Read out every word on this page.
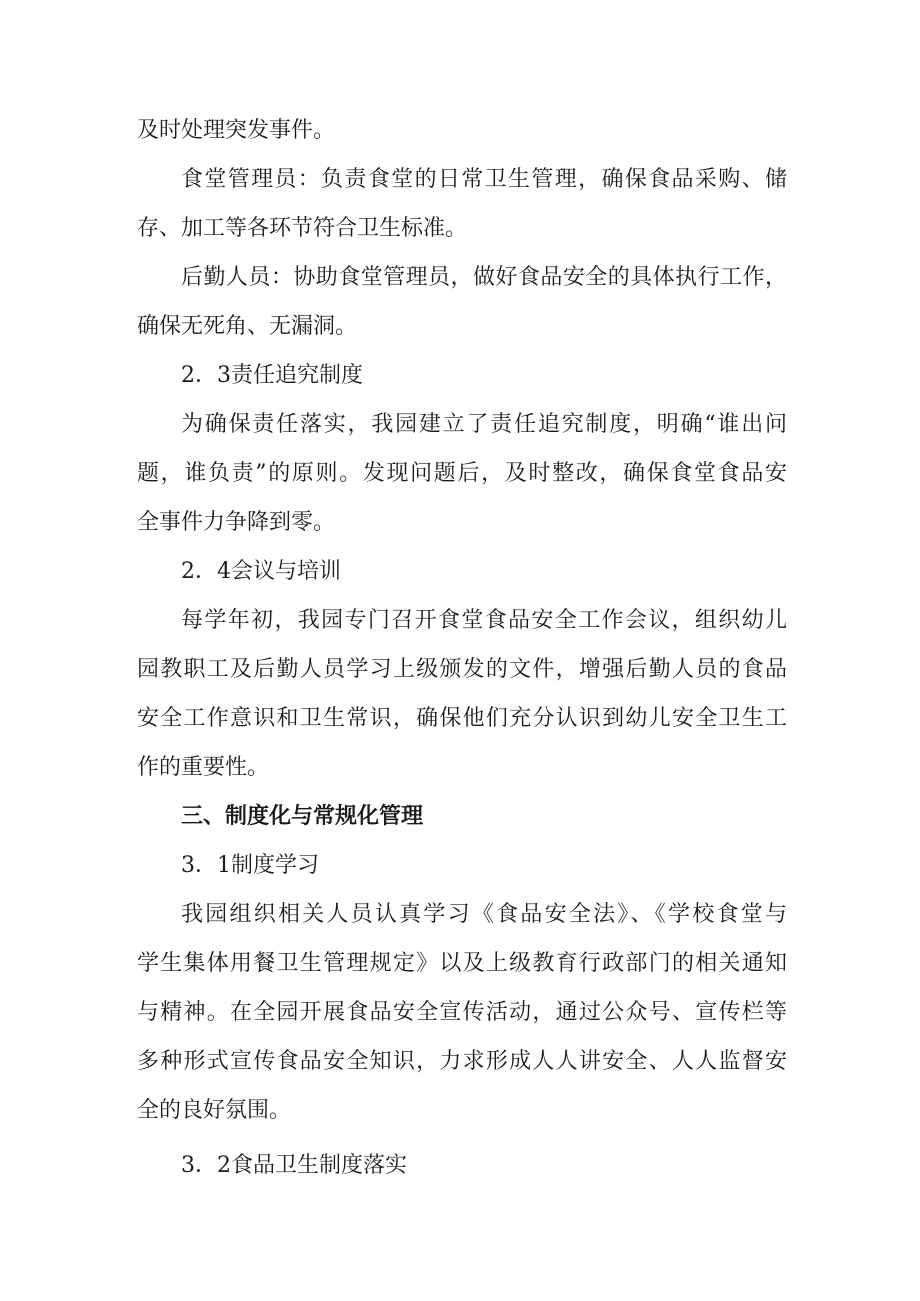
及时处理突发事件。
食堂管理员：负责食堂的日常卫生管理，确保食品采购、储
存、加工等各环节符合卫生标准。
后勤人员：协助食堂管理员，做好食品安全的具体执行工作，
确保无死角、无漏洞。
2．3责任追究制度
为确保责任落实，我园建立了责任追究制度，明确“谁出问
题，谁负责”的原则。发现问题后，及时整改，确保食堂食品安
全事件力争降到零。
2．4会议与培训
每学年初，我园专门召开食堂食品安全工作会议，组织幼儿
园教职工及后勤人员学习上级颁发的文件，增强后勤人员的食品
安全工作意识和卫生常识，确保他们充分认识到幼儿安全卫生工
作的重要性。
三、制度化与常规化管理
3．1制度学习
我园组织相关人员认真学习《食品安全法》、《学校食堂与
学生集体用餐卫生管理规定》以及上级教育行政部门的相关通知
与精神。在全园开展食品安全宣传活动，通过公众号、宣传栏等
多种形式宣传食品安全知识，力求形成人人讲安全、人人监督安
全的良好氛围。
3．2食品卫生制度落实
